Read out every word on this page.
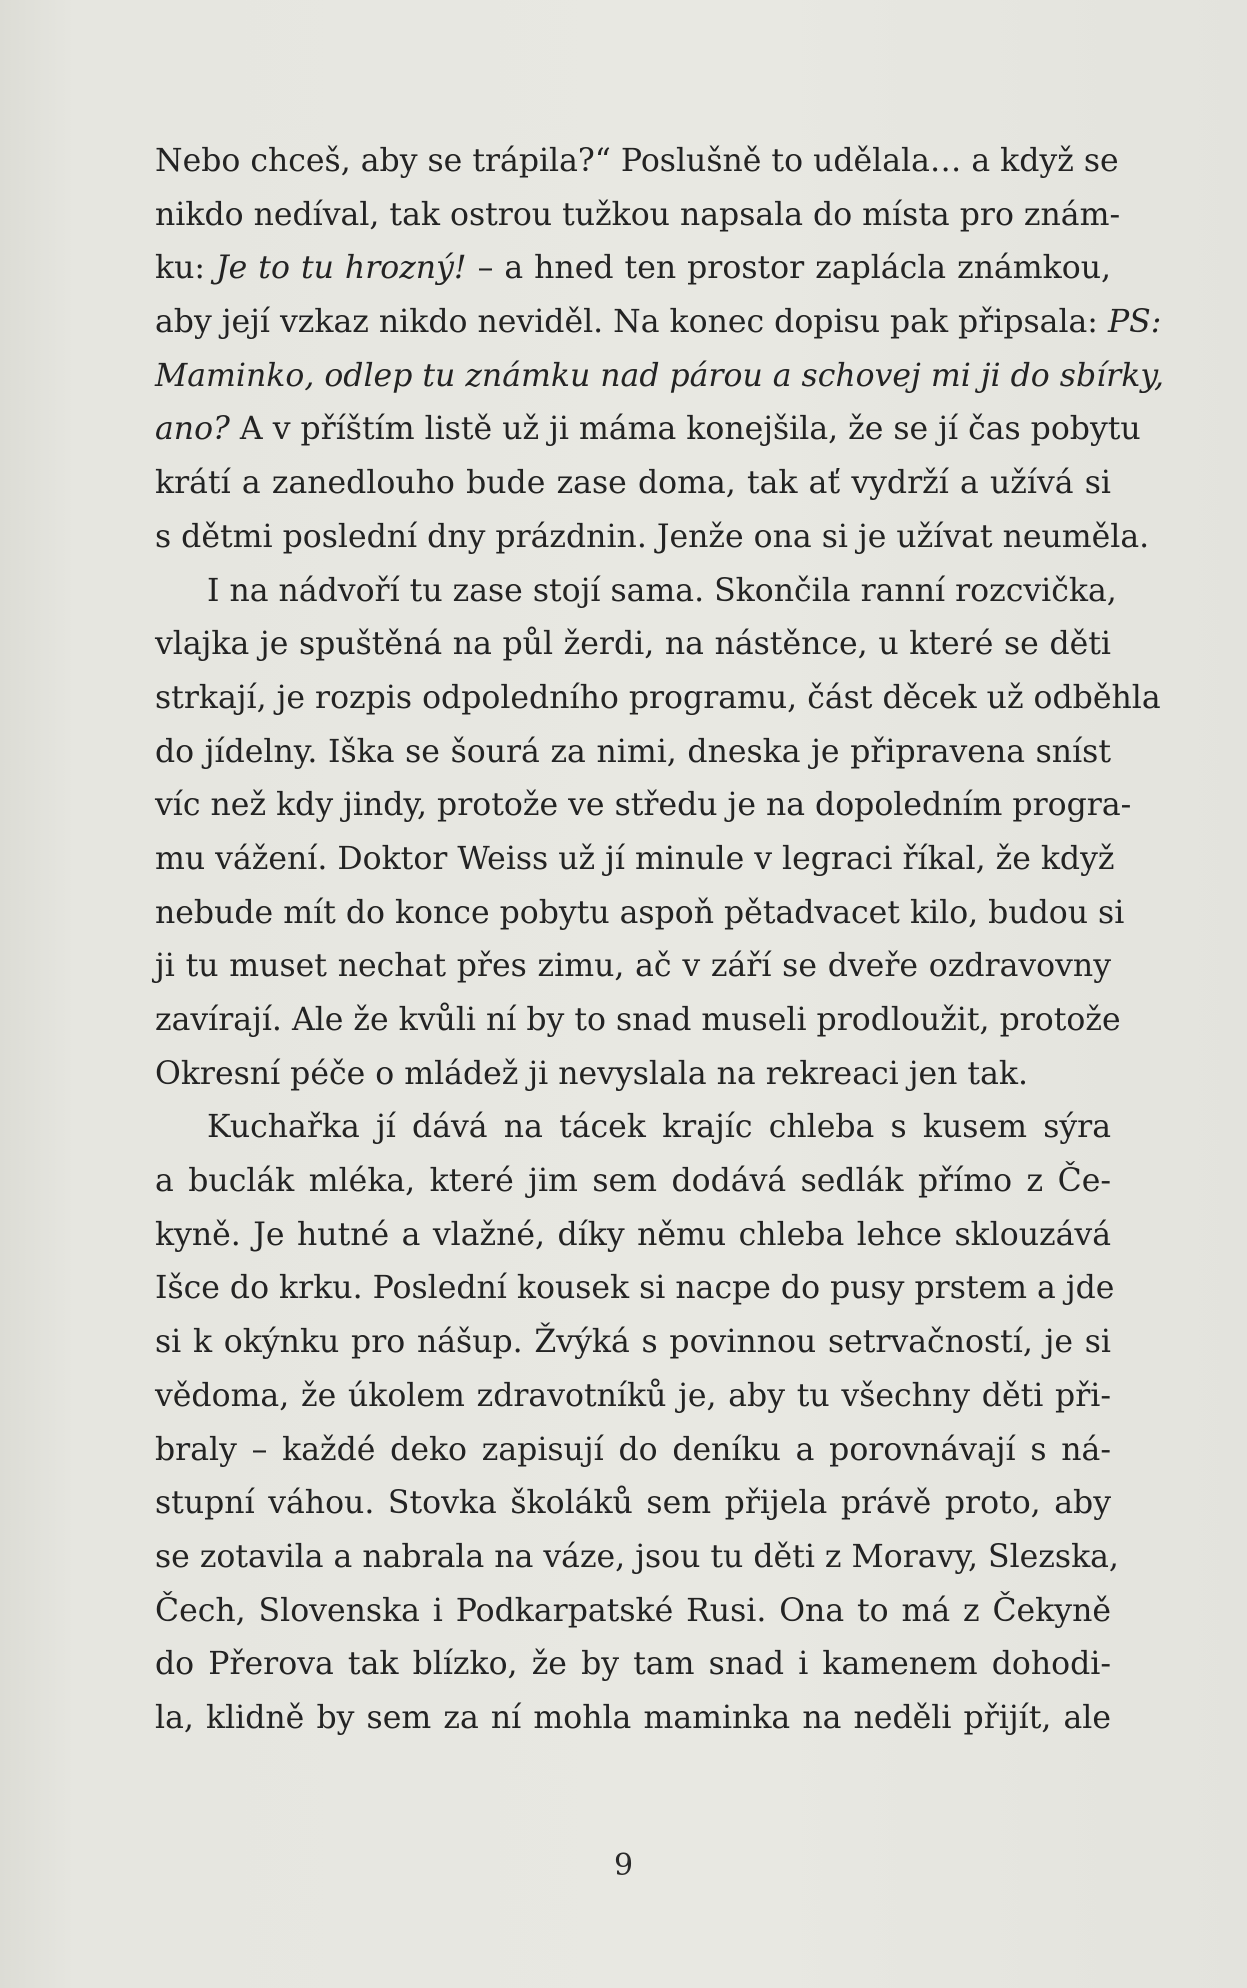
Nebo chceš, aby se trápila?“ Poslušně to udělala… a když se
nikdo nedíval, tak ostrou tužkou napsala do místa pro znám-
ku: Je to tu hrozný! – a hned ten prostor zaplácla známkou,
aby její vzkaz nikdo neviděl. Na konec dopisu pak připsala: PS:
Maminko, odlep tu známku nad párou a schovej mi ji do sbírky,
ano? A v příštím listě už ji máma konejšila, že se jí čas pobytu
krátí a zanedlouho bude zase doma, tak ať vydrží a užívá si
s dětmi poslední dny prázdnin. Jenže ona si je užívat neuměla.
I na nádvoří tu zase stojí sama. Skončila ranní rozcvička,
vlajka je spuštěná na půl žerdi, na nástěnce, u které se děti
strkají, je rozpis odpoledního programu, část děcek už odběhla
do jídelny. Iška se šourá za nimi, dneska je připravena sníst
víc než kdy jindy, protože ve středu je na dopoledním progra-
mu vážení. Doktor Weiss už jí minule v legraci říkal, že když
nebude mít do konce pobytu aspoň pětadvacet kilo, budou si
ji tu muset nechat přes zimu, ač v září se dveře ozdravovny
zavírají. Ale že kvůli ní by to snad museli prodloužit, protože
Okresní péče o mládež ji nevyslala na rekreaci jen tak.
Kuchařka jí dává na tácek krajíc chleba s kusem sýra
a buclák mléka, které jim sem dodává sedlák přímo z Če-
kyně. Je hutné a vlažné, díky němu chleba lehce sklouzává
Išce do krku. Poslední kousek si nacpe do pusy prstem a jde
si k okýnku pro nášup. Žvýká s povinnou setrvačností, je si
vědoma, že úkolem zdravotníků je, aby tu všechny děti při-
braly – každé deko zapisují do deníku a porovnávají s ná-
stupní váhou. Stovka školáků sem přijela právě proto, aby
se zotavila a nabrala na váze, jsou tu děti z Moravy, Slezska,
Čech, Slovenska i Podkarpatské Rusi. Ona to má z Čekyně
do Přerova tak blízko, že by tam snad i kamenem dohodi-
la, klidně by sem za ní mohla maminka na neděli přijít, ale
9
